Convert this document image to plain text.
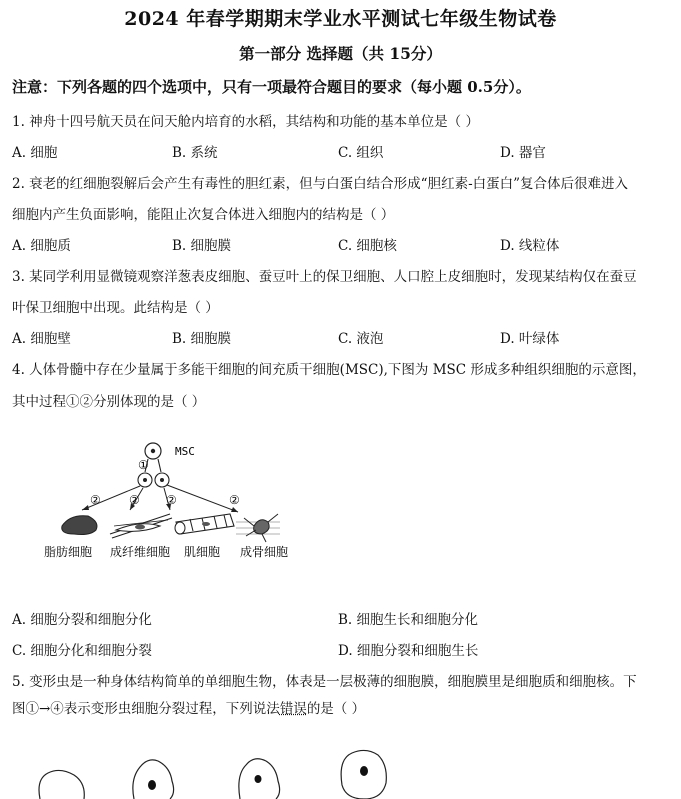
2024 年春学期期末学业水平测试七年级生物试卷
第一部分 选择题（共 15分）
注意：下列各题的四个选项中，只有一项最符合题目的要求（每小题 0.5分）。
1. 神舟十四号航天员在问天舱内培育的水稻，其结构和功能的基本单位是（ ）
A. 细胞	B. 系统	C. 组织	D. 器官
2. 衰老的红细胞裂解后会产生有毒性的胆红素，但与白蛋白结合形成“胆红素-白蛋白”复合体后很难进入
细胞内产生负面影响，能阻止次复合体进入细胞内的结构是（ ）
A. 细胞质	B. 细胞膜	C. 细胞核	D. 线粒体
3. 某同学利用显微镜观察洋葱表皮细胞、蚕豆叶上的保卫细胞、人口腔上皮细胞时，发现某结构仅在蚕豆
叶保卫细胞中出现。此结构是（ ）
A. 细胞壁	B. 细胞膜	C. 液泡	D. 叶绿体
4. 人体骨髓中存在少量属于多能干细胞的间充质干细胞(MSC),下图为 MSC 形成多种组织细胞的示意图，
其中过程①②分别体现的是（ ）
MSC
①
② ② ②	②
脂肪细胞 成纤维细胞 肌细胞 成骨细胞
A. 细胞分裂和细胞分化	B. 细胞生长和细胞分化
C. 细胞分化和细胞分裂	D. 细胞分裂和细胞生长
5. 变形虫是一种身体结构简单的单细胞生物，体表是一层极薄的细胞膜，细胞膜里是细胞质和细胞核。下
图①→④表示变形虫细胞分裂过程，下列说法错误的是（ ）
